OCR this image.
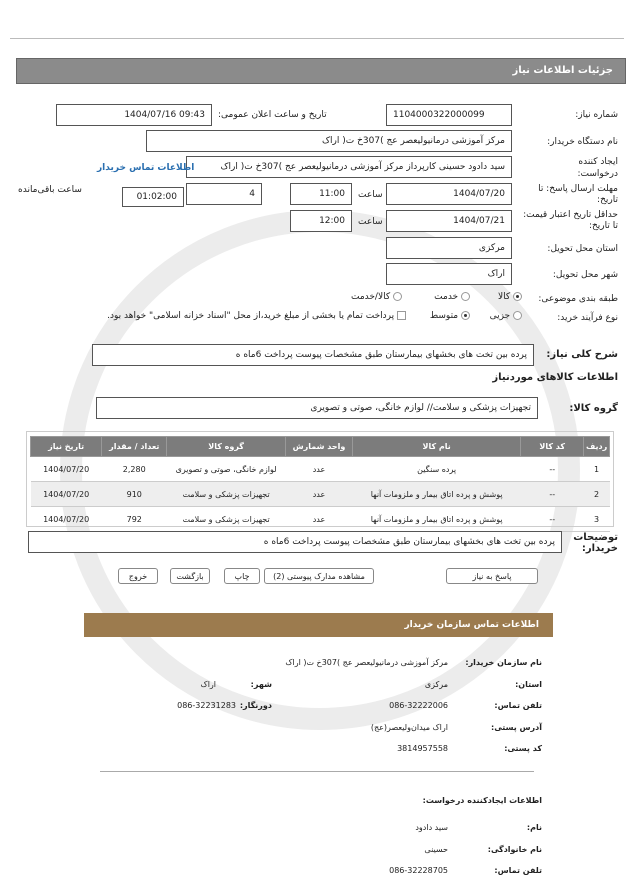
جزئیات اطلاعات نیاز
شماره نیاز:
1104000322000099
تاریخ و ساعت اعلان عمومی:
1404/07/16 09:43
نام دستگاه خریدار:
مرکز آموزشی درمانیولیعصر عج )307خ ت( اراک
ایجاد کننده درخواست:
سید دادود حسینی کارپرداز مرکز آموزشی درمانیولیعصر عج )307خ ت( اراک
اطلاعات تماس خریدار
مهلت ارسال پاسخ: تا تاریخ:
1404/07/20
ساعت
11:00
4
01:02:00
ساعت باقی‌مانده
حداقل تاریخ اعتبار قیمت: تا تاریخ:
1404/07/21
ساعت
12:00
استان محل تحویل:
مرکزی
شهر محل تحویل:
اراک
طبقه بندی موضوعی:
کالا
خدمت
کالا/خدمت
نوع فرآیند خرید:
جزیی
متوسط
پرداخت تمام یا بخشی از مبلغ خرید،از محل "اسناد خزانه اسلامی" خواهد بود.
شرح کلی نیاز:
پرده بین تخت های بخشهای بیمارستان طبق مشخصات پیوست پرداخت 6ماه ه
اطلاعات کالاهای موردنیاز
گروه کالا:
تجهیزات پزشکی و سلامت// لوازم خانگی، صوتی و تصویری
ردیف	کد کالا	نام کالا	واحد شمارش	گروه کالا	تعداد / مقدار	تاریخ نیاز
1	--	پرده سنگین	عدد	لوازم خانگی، صوتی و تصویری	2,280	1404/07/20
2	--	پوشش و پرده اتاق بیمار و ملزومات آنها	عدد	تجهیزات پزشکی و سلامت	910	1404/07/20
3	--	پوشش و پرده اتاق بیمار و ملزومات آنها	عدد	تجهیزات پزشکی و سلامت	792	1404/07/20
توضیحات خریدار:
پرده بین تخت های بخشهای بیمارستان طبق مشخصات پیوست پرداخت 6ماه ه
پاسخ به نیاز
مشاهده مدارک پیوستی (2)
چاپ
بازگشت
خروج
اطلاعات تماس سازمان خریدار
نام سازمان خریدار:
مرکز آموزشی درمانیولیعصر عج )307خ ت( اراک
استان:
مرکزی
شهر:
اراک
تلفن تماس:
086-32222006
دورنگار:
086-32231283
آدرس پستی:
اراک میدان‌ولیعصر(عج)
کد پستی:
3814957558
اطلاعات ایجادکننده درخواست:
نام:
سید دادود
نام خانوادگی:
حسینی
تلفن تماس:
086-32228705
